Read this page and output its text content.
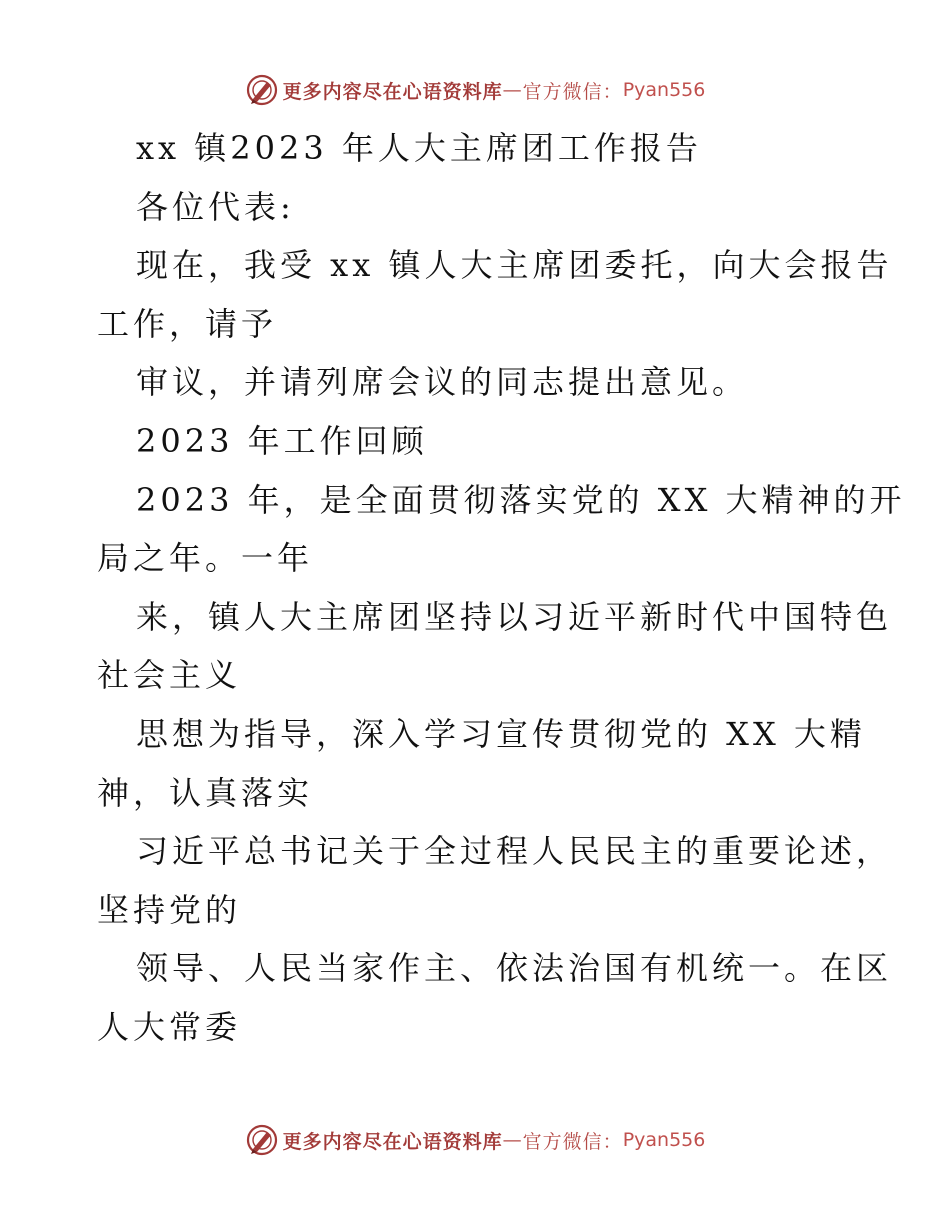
更多内容尽在心语资料库 — 官方微信： Pyan556

xx 镇2023 年人大主席团工作报告

各位代表:

现在，我受 xx 镇人大主席团委托，向大会报告

工作，请予

审议，并请列席会议的同志提出意见。

2023 年工作回顾

2023 年，是全面贯彻落实党的 XX 大精神的开

局之年。一年

来，镇人大主席团坚持以习近平新时代中国特色

社会主义

思想为指导，深入学习宣传贯彻党的 XX 大精

神，认真落实

习近平总书记关于全过程人民民主的重要论述，

坚持党的

领导、人民当家作主、依法治国有机统一。在区

人大常委

更多内容尽在心语资料库 — 官方微信： Pyan556
